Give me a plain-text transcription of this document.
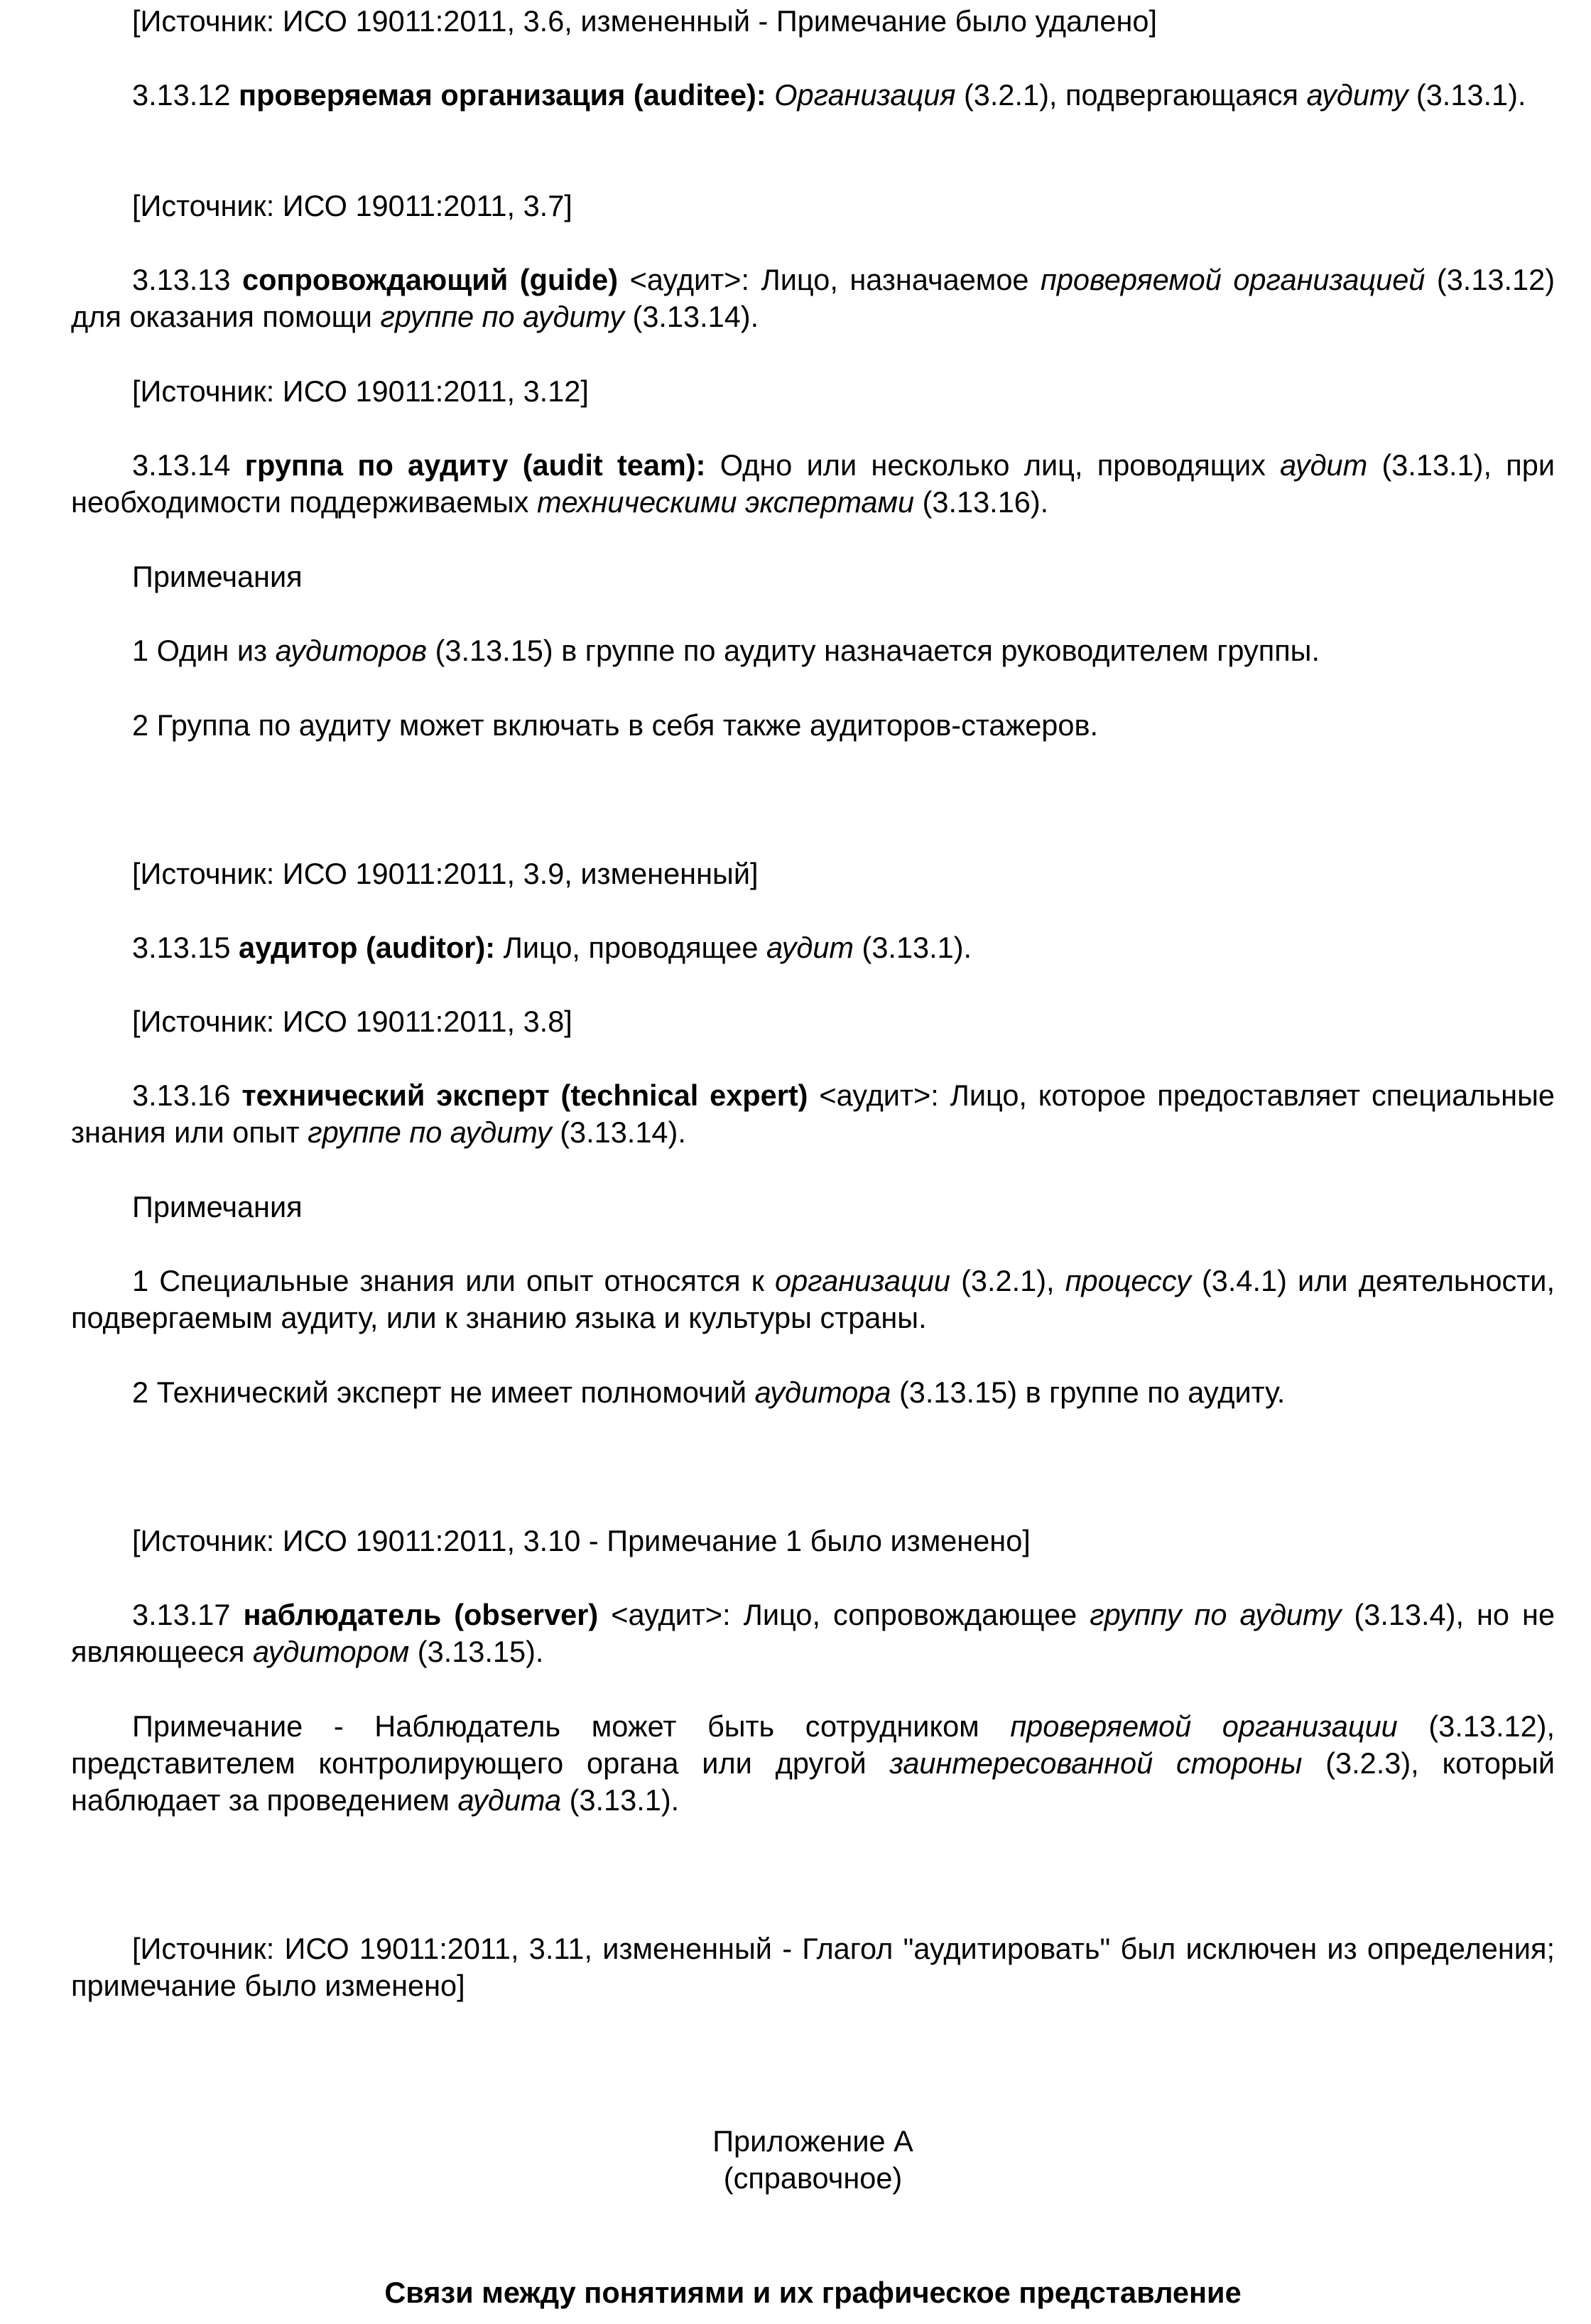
[Источник: ИСО 19011:2011, 3.6, измененный - Примечание было удалено]

3.13.12 проверяемая организация (auditee): Организация (3.2.1), подвергающаяся аудиту (3.13.1).

[Источник: ИСО 19011:2011, 3.7]

3.13.13 сопровождающий (guide) <аудит>: Лицо, назначаемое проверяемой организацией (3.13.12) для оказания помощи группе по аудиту (3.13.14).

[Источник: ИСО 19011:2011, 3.12]

3.13.14 группа по аудиту (audit team): Одно или несколько лиц, проводящих аудит (3.13.1), при необходимости поддерживаемых техническими экспертами (3.13.16).

Примечания

1 Один из аудиторов (3.13.15) в группе по аудиту назначается руководителем группы.

2 Группа по аудиту может включать в себя также аудиторов-стажеров.

[Источник: ИСО 19011:2011, 3.9, измененный]

3.13.15 аудитор (auditor): Лицо, проводящее аудит (3.13.1).

[Источник: ИСО 19011:2011, 3.8]

3.13.16 технический эксперт (technical expert) <аудит>: Лицо, которое предоставляет специальные знания или опыт группе по аудиту (3.13.14).

Примечания

1 Специальные знания или опыт относятся к организации (3.2.1), процессу (3.4.1) или деятельности, подвергаемым аудиту, или к знанию языка и культуры страны.

2 Технический эксперт не имеет полномочий аудитора (3.13.15) в группе по аудиту.

[Источник: ИСО 19011:2011, 3.10 - Примечание 1 было изменено]

3.13.17 наблюдатель (observer) <аудит>: Лицо, сопровождающее группу по аудиту (3.13.4), но не являющееся аудитором (3.13.15).

Примечание - Наблюдатель может быть сотрудником проверяемой организации (3.13.12), представителем контролирующего органа или другой заинтересованной стороны (3.2.3), который наблюдает за проведением аудита (3.13.1).

[Источник: ИСО 19011:2011, 3.11, измененный - Глагол "аудитировать" был исключен из определения; примечание было изменено]

Приложение А

(справочное)

Связи между понятиями и их графическое представление
